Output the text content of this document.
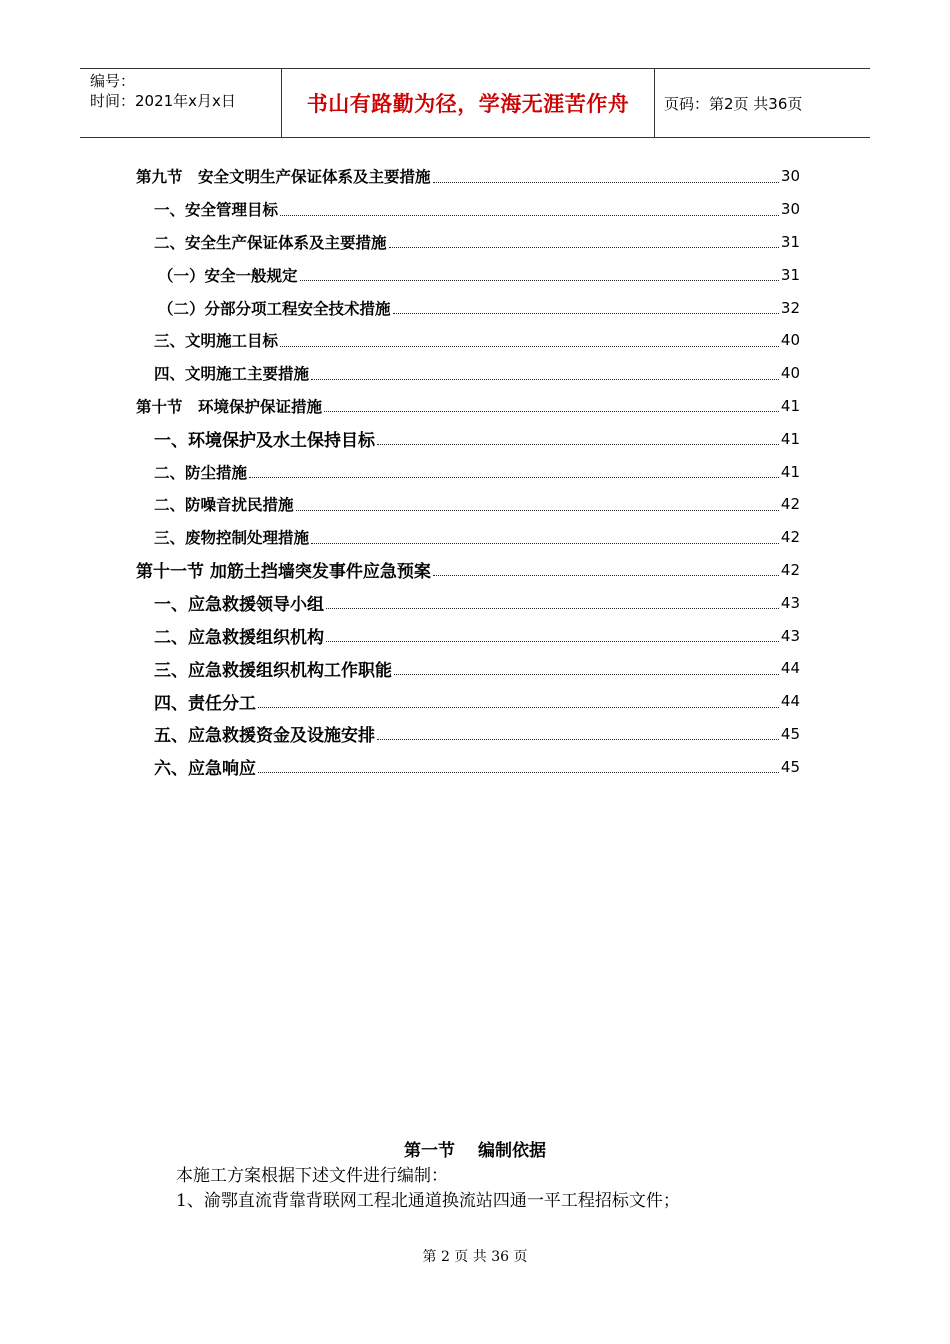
编号：
时间：2021年x月x日	书山有路勤为径，学海无涯苦作舟 页码：第2页 共36页
第九节　安全文明生产保证体系及主要措施	30
一、安全管理目标	30
二、安全生产保证体系及主要措施	31
（一）安全一般规定	31
（二）分部分项工程安全技术措施	32
三、文明施工目标	40
四、文明施工主要措施	40
第十节　环境保护保证措施	41
一、环境保护及水土保持目标	41
二、防尘措施	41
二、防噪音扰民措施	42
三、废物控制处理措施	42
第十一节 加筋土挡墙突发事件应急预案	42
一、应急救援领导小组	43
二、应急救援组织机构	43
三、应急救援组织机构工作职能	44
四、责任分工	44
五、应急救援资金及设施安排	45
六、应急响应	45
第一节　 编制依据
本施工方案根据下述文件进行编制：
1、渝鄂直流背靠背联网工程北通道换流站四通一平工程招标文件；
第 2 页 共 36 页
